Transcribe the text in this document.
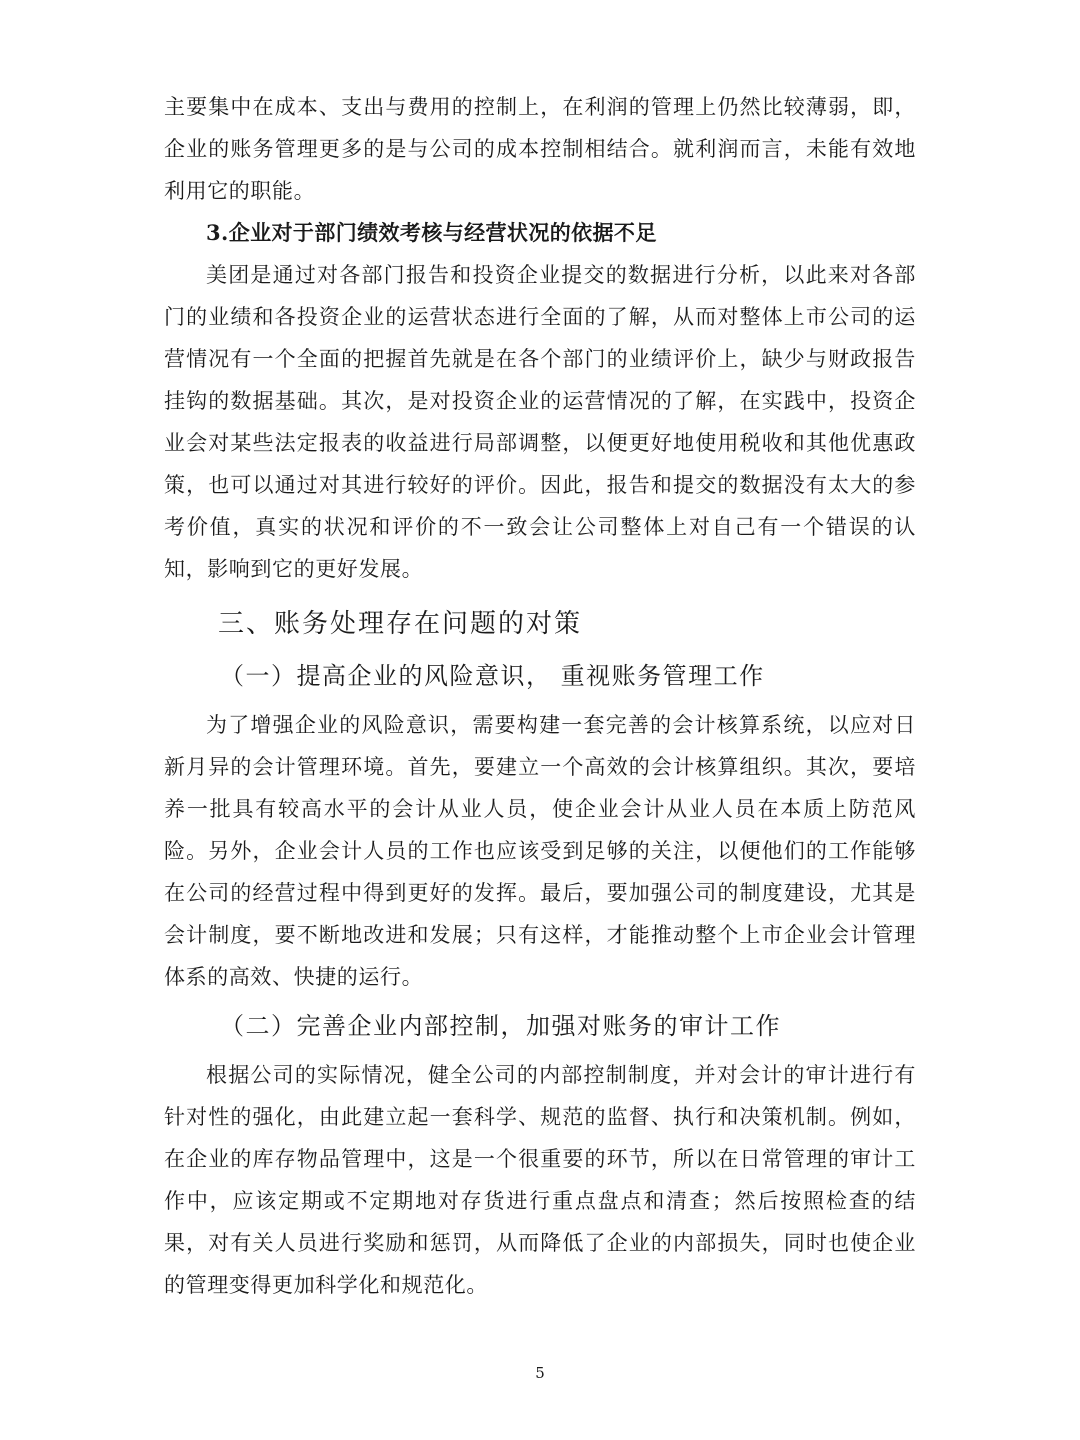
主要集中在成本、支出与费用的控制上，在利润的管理上仍然比较薄弱，即，企业的账务管理更多的是与公司的成本控制相结合。就利润而言，未能有效地利用它的职能。

3.企业对于部门绩效考核与经营状况的依据不足

美团是通过对各部门报告和投资企业提交的数据进行分析，以此来对各部门的业绩和各投资企业的运营状态进行全面的了解，从而对整体上市公司的运营情况有一个全面的把握首先就是在各个部门的业绩评价上，缺少与财政报告挂钩的数据基础。其次，是对投资企业的运营情况的了解，在实践中，投资企业会对某些法定报表的收益进行局部调整，以便更好地使用税收和其他优惠政策，也可以通过对其进行较好的评价。因此，报告和提交的数据没有太大的参考价值，真实的状况和评价的不一致会让公司整体上对自己有一个错误的认知，影响到它的更好发展。

三、账务处理存在问题的对策
（一）提高企业的风险意识， 重视账务管理工作

为了增强企业的风险意识，需要构建一套完善的会计核算系统，以应对日新月异的会计管理环境。首先，要建立一个高效的会计核算组织。其次，要培养一批具有较高水平的会计从业人员，使企业会计从业人员在本质上防范风险。另外，企业会计人员的工作也应该受到足够的关注，以便他们的工作能够在公司的经营过程中得到更好的发挥。最后，要加强公司的制度建设，尤其是会计制度，要不断地改进和发展；只有这样，才能推动整个上市企业会计管理体系的高效、快捷的运行。

（二）完善企业内部控制，加强对账务的审计工作

根据公司的实际情况，健全公司的内部控制制度，并对会计的审计进行有针对性的强化，由此建立起一套科学、规范的监督、执行和决策机制。例如，在企业的库存物品管理中，这是一个很重要的环节，所以在日常管理的审计工作中，应该定期或不定期地对存货进行重点盘点和清查；然后按照检查的结果，对有关人员进行奖励和惩罚，从而降低了企业的内部损失，同时也使企业的管理变得更加科学化和规范化。

5
